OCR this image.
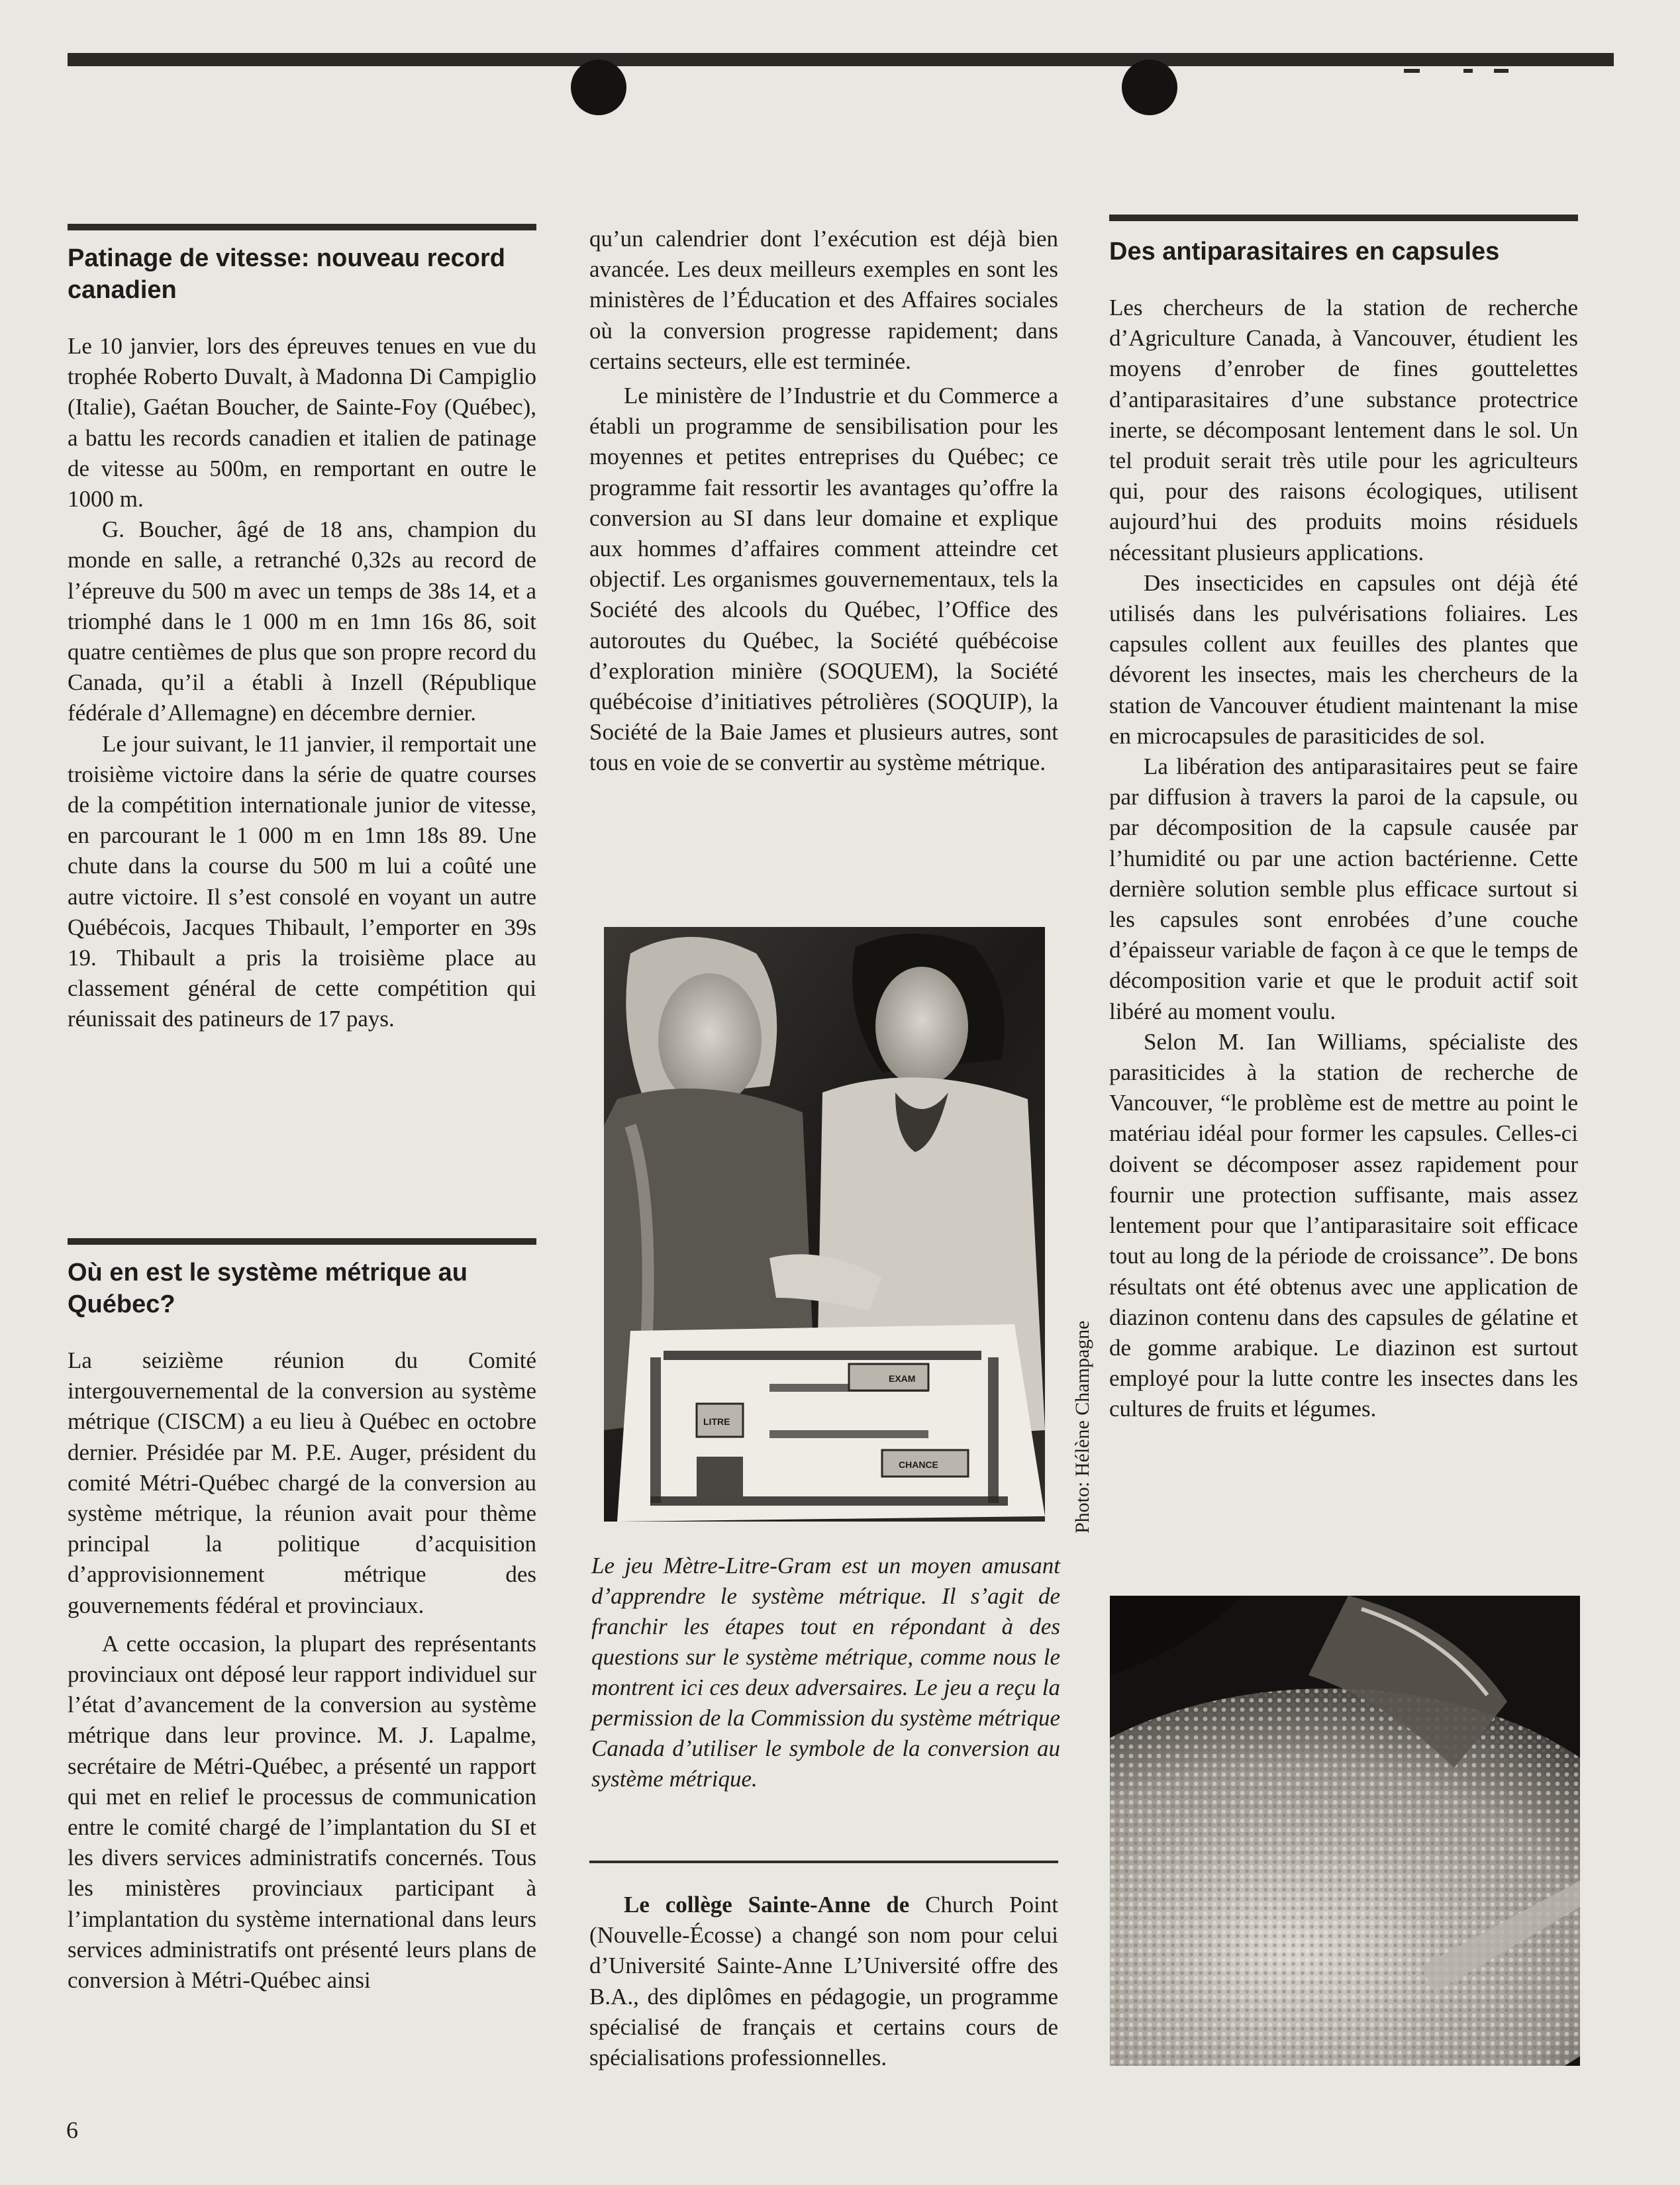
Patinage de vitesse: nouveau record canadien

Le 10 janvier, lors des épreuves tenues en vue du trophée Roberto Duvalt, à Madonna Di Campiglio (Italie), Gaétan Boucher, de Sainte-Foy (Québec), a battu les records canadien et italien de patinage de vitesse au 500m, en remportant en outre le 1000 m.

G. Boucher, âgé de 18 ans, champion du monde en salle, a retranché 0,32s au record de l’épreuve du 500 m avec un temps de 38s 14, et a triomphé dans le 1 000 m en 1mn 16s 86, soit quatre centièmes de plus que son propre record du Canada, qu’il a établi à Inzell (République fédérale d’Allemagne) en décembre dernier.

Le jour suivant, le 11 janvier, il remportait une troisième victoire dans la série de quatre courses de la compétition internationale junior de vitesse, en parcourant le 1 000 m en 1mn 18s 89. Une chute dans la course du 500 m lui a coûté une autre victoire. Il s’est consolé en voyant un autre Québécois, Jacques Thibault, l’emporter en 39s 19. Thibault a pris la troisième place au classement général de cette compétition qui réunissait des patineurs de 17 pays.

Où en est le système métrique au Québec?

La seizième réunion du Comité intergouvernemental de la conversion au système métrique (CISCM) a eu lieu à Québec en octobre dernier. Présidée par M. P.E. Auger, président du comité Métri-Québec chargé de la conversion au système métrique, la réunion avait pour thème principal la politique d’acquisition d’approvisionnement métrique des gouvernements fédéral et provinciaux.

A cette occasion, la plupart des représentants provinciaux ont déposé leur rapport individuel sur l’état d’avancement de la conversion au système métrique dans leur province. M. J. Lapalme, secrétaire de Métri-Québec, a présenté un rapport qui met en relief le processus de communication entre le comité chargé de l’implantation du SI et les divers services administratifs concernés. Tous les ministères provinciaux participant à l’implantation du système international dans leurs services administratifs ont présenté leurs plans de conversion à Métri-Québec ainsi

qu’un calendrier dont l’exécution est déjà bien avancée. Les deux meilleurs exemples en sont les ministères de l’Éducation et des Affaires sociales où la conversion progresse rapidement; dans certains secteurs, elle est terminée.

Le ministère de l’Industrie et du Commerce a établi un programme de sensibilisation pour les moyennes et petites entreprises du Québec; ce programme fait ressortir les avantages qu’offre la conversion au SI dans leur domaine et explique aux hommes d’affaires comment atteindre cet objectif. Les organismes gouvernementaux, tels la Société des alcools du Québec, l’Office des autoroutes du Québec, la Société québécoise d’exploration minière (SOQUEM), la Société québécoise d’initiatives pétrolières (SOQUIP), la Société de la Baie James et plusieurs autres, sont tous en voie de se convertir au système métrique.

EXAM
LITRE
CHANCE	Photo: Hélène Champagne

Le jeu Mètre-Litre-Gram est un moyen amusant d’apprendre le système métrique. Il s’agit de franchir les étapes tout en répondant à des questions sur le système métrique, comme nous le montrent ici ces deux adversaires. Le jeu a reçu la permission de la Commission du système métrique Canada d’utiliser le symbole de la conversion au système métrique.

Le collège Sainte-Anne de Church Point (Nouvelle-Écosse) a changé son nom pour celui d’Université Sainte-Anne L’Université offre des B.A., des diplômes en pédagogie, un programme spécialisé de français et certains cours de spécialisations professionnelles.

Des antiparasitaires en capsules

Les chercheurs de la station de recherche d’Agriculture Canada, à Vancouver, étudient les moyens d’enrober de fines gouttelettes d’antiparasitaires d’une substance protectrice inerte, se décomposant lentement dans le sol. Un tel produit serait très utile pour les agriculteurs qui, pour des raisons écologiques, utilisent aujourd’hui des produits moins résiduels nécessitant plusieurs applications.

Des insecticides en capsules ont déjà été utilisés dans les pulvérisations foliaires. Les capsules collent aux feuilles des plantes que dévorent les insectes, mais les chercheurs de la station de Vancouver étudient maintenant la mise en microcapsules de parasiticides de sol.

La libération des antiparasitaires peut se faire par diffusion à travers la paroi de la capsule, ou par décomposition de la capsule causée par l’humidité ou par une action bactérienne. Cette dernière solution semble plus efficace surtout si les capsules sont enrobées d’une couche d’épaisseur variable de façon à ce que le temps de décomposition varie et que le produit actif soit libéré au moment voulu.

Selon M. Ian Williams, spécialiste des parasiticides à la station de recherche de Vancouver, “le problème est de mettre au point le matériau idéal pour former les capsules. Celles-ci doivent se décomposer assez rapidement pour fournir une protection suffisante, mais assez lentement pour que l’antiparasitaire soit efficace tout au long de la période de croissance”. De bons résultats ont été obtenus avec une application de diazinon contenu dans des capsules de gélatine et de gomme arabique. Le diazinon est surtout employé pour la lutte contre les insectes dans les cultures de fruits et légumes.

6
